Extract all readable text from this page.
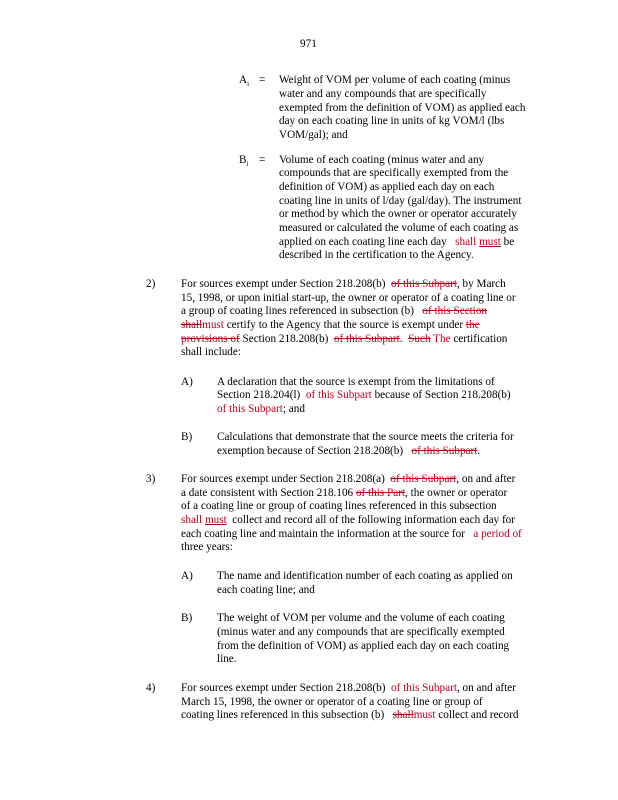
971
$A_i$ = Weight of VOM per volume of each coating (minus
water and any compounds that are specifically
exempted from the definition of VOM) as applied each
day on each coating line in units of kg VOM/l (lbs
VOM/gal); and
$B_i$ = Volume of each coating (minus water and any
compounds that are specifically exempted from the
definition of VOM) as applied each day on each
coating line in units of l/day (gal/day). The instrument
or method by which the owner or operator accurately
measured or calculated the volume of each coating as
applied on each coating line each day shall must be
described in the certification to the Agency.
2) For sources exempt under Section 218.208(b) of this Subpart, by March
15, 1998, or upon initial start-up, the owner or operator of a coating line or
a group of coating lines referenced in subsection (b) of this Section
shallmust certify to the Agency that the source is exempt under the
provisions of Section 218.208(b) of this Subpart. Such The certification
shall include:
A) A declaration that the source is exempt from the limitations of
Section 218.204(l) of this Subpart because of Section 218.208(b)
of this Subpart; and
B) Calculations that demonstrate that the source meets the criteria for
exemption because of Section 218.208(b) of this Subpart.
3) For sources exempt under Section 218.208(a) of this Subpart, on and after
a date consistent with Section 218.106 of this Part, the owner or operator
of a coating line or group of coating lines referenced in this subsection
shall must collect and record all of the following information each day for
each coating line and maintain the information at the source for a period of
three years:
A) The name and identification number of each coating as applied on
each coating line; and
B) The weight of VOM per volume and the volume of each coating
(minus water and any compounds that are specifically exempted
from the definition of VOM) as applied each day on each coating
line.
4) For sources exempt under Section 218.208(b) of this Subpart, on and after
March 15, 1998, the owner or operator of a coating line or group of
coating lines referenced in this subsection (b) shallmust collect and record
